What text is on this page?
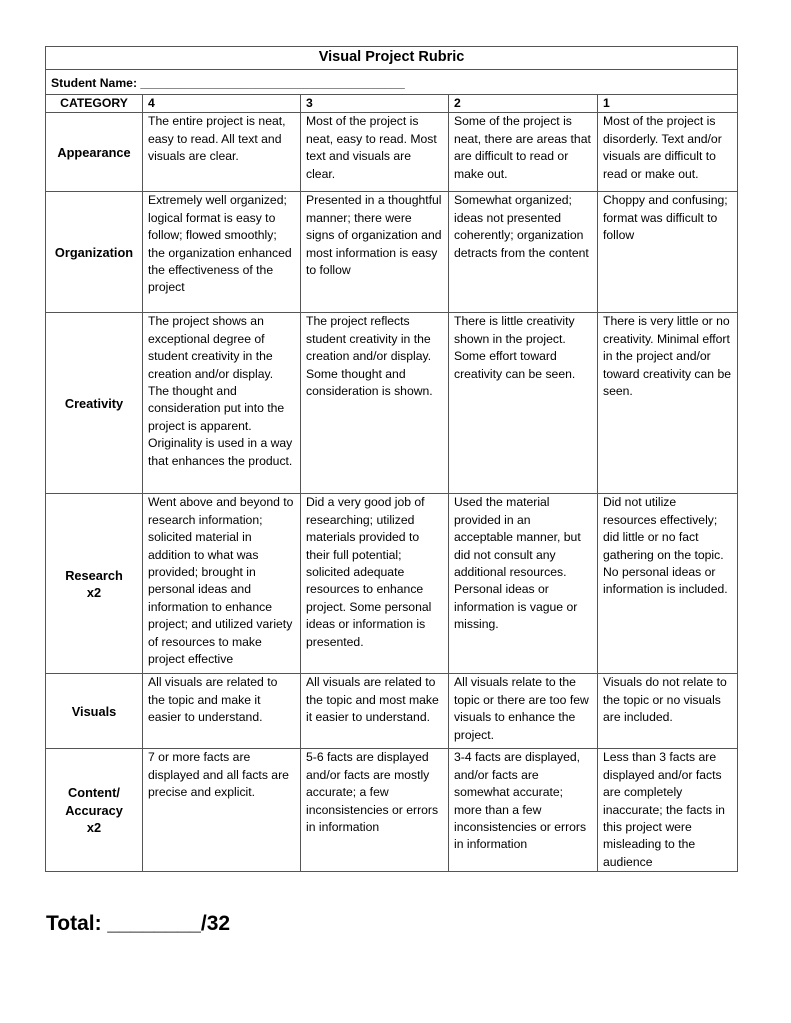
Visual Project Rubric				
Student Name: _______________________________________				
CATEGORY	4	3	2	1

Appearance	The entire project is neat, easy to read. All text and visuals are clear.	Most of the project is neat, easy to read. Most text and visuals are clear.	Some of the project is neat, there are areas that are difficult to read or make out.	Most of the project is disorderly. Text and/or visuals are difficult to read or make out.

Organization	Extremely well organized; logical format is easy to follow; flowed smoothly; the organization enhanced the effectiveness of the project	Presented in a thoughtful manner; there were signs of organization and most information is easy to follow	Somewhat organized; ideas not presented coherently; organization detracts from the content	Choppy and confusing; format was difficult to follow

Creativity	The project shows an exceptional degree of student creativity in the creation and/or display. The thought and consideration put into the project is apparent. Originality is used in a way that enhances the product.	The project reflects student creativity in the creation and/or display. Some thought and consideration is shown.	There is little creativity shown in the project. Some effort toward creativity can be seen.	There is very little or no creativity. Minimal effort in the project and/or toward creativity can be seen.

Research
x2	Went above and beyond to research information; solicited material in addition to what was provided; brought in personal ideas and information to enhance project; and utilized variety of resources to make project effective	Did a very good job of researching; utilized materials provided to their full potential; solicited adequate resources to enhance project. Some personal ideas or information is presented.	Used the material provided in an acceptable manner, but did not consult any additional resources. Personal ideas or information is vague or missing.	Did not utilize resources effectively; did little or no fact gathering on the topic. No personal ideas or information is included.

Visuals	All visuals are related to the topic and make it easier to understand.	All visuals are related to the topic and most make it easier to understand.	All visuals relate to the topic or there are too few visuals to enhance the project.	Visuals do not relate to the topic or no visuals are included.

Content/
Accuracy
x2	7 or more facts are displayed and all facts are precise and explicit.	5-6 facts are displayed and/or facts are mostly accurate; a few inconsistencies or errors in information	3-4 facts are displayed, and/or facts are somewhat accurate; more than a few inconsistencies or errors in information	Less than 3 facts are displayed and/or facts are completely inaccurate; the facts in this project were misleading to the audience
Total: ________/32
